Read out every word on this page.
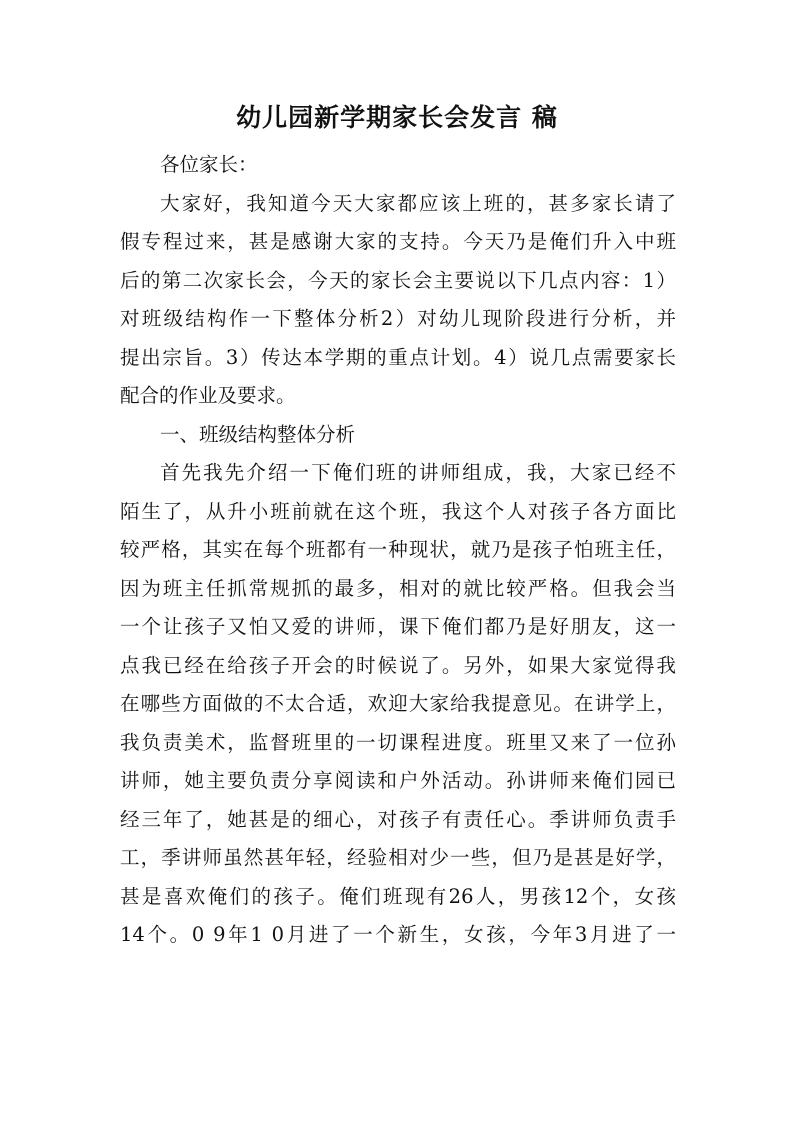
幼儿园新学期家长会发言 稿

各位家长：

大家好，我知道今天大家都应该上班的，甚多家长请了
假专程过来，甚是感谢大家的支持。今天乃是俺们升入中班
后的第二次家长会，今天的家长会主要说以下几点内容：1）
对班级结构作一下整体分析2）对幼儿现阶段进行分析，并
提出宗旨。3）传达本学期的重点计划。4）说几点需要家长
配合的作业及要求。

一、班级结构整体分析

首先我先介绍一下俺们班的讲师组成，我，大家已经不
陌生了，从升小班前就在这个班，我这个人对孩子各方面比
较严格，其实在每个班都有一种现状，就乃是孩子怕班主任，
因为班主任抓常规抓的最多，相对的就比较严格。但我会当
一个让孩子又怕又爱的讲师，课下俺们都乃是好朋友，这一
点我已经在给孩子开会的时候说了。另外，如果大家觉得我
在哪些方面做的不太合适，欢迎大家给我提意见。在讲学上，
我负责美术，监督班里的一切课程进度。班里又来了一位孙
讲师，她主要负责分享阅读和户外活动。孙讲师来俺们园已
经三年了，她甚是的细心，对孩子有责任心。季讲师负责手
工，季讲师虽然甚年轻，经验相对少一些，但乃是甚是好学，
甚是喜欢俺们的孩子。俺们班现有26人，男孩12个，女孩
14个。0 9年1 0月进了一个新生，女孩，今年3月进了一
